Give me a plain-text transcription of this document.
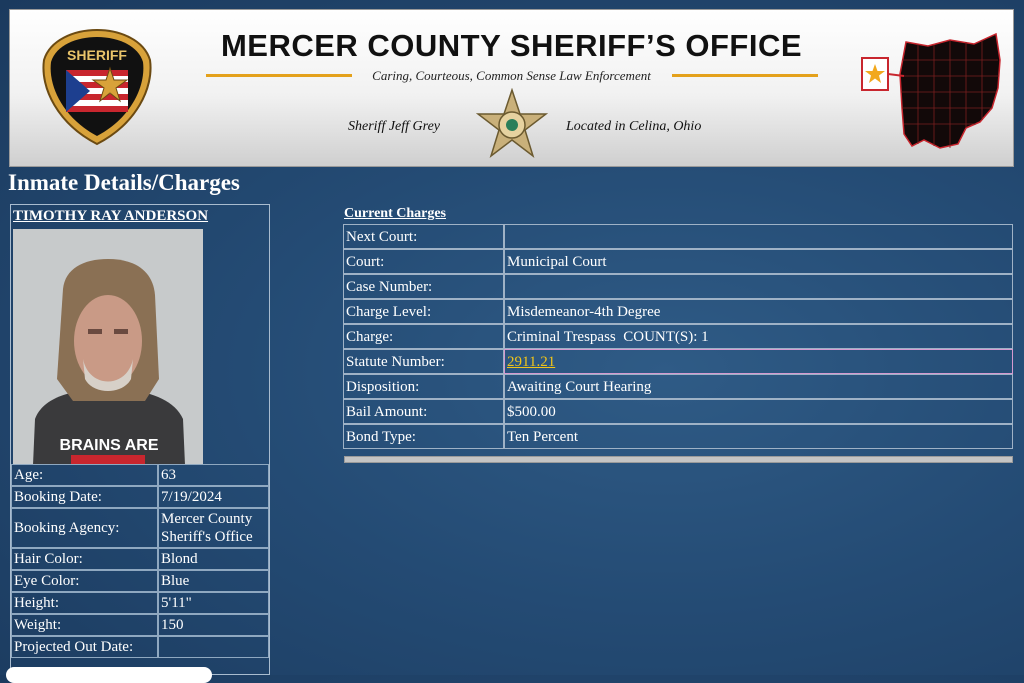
SHERIFF	MERCER COUNTY SHERIFF’S OFFICE
Caring, Courteous, Common Sense Law Enforcement
Sheriff Jeff Grey	Located in Celina, Ohio
Inmate Details/Charges
TIMOTHY RAY ANDERSON
BRAINS ARE
Age:	63
Booking Date:	7/19/2024
Booking Agency:
Mercer County Sheriff's Office
Hair Color:	Blond
Eye Color:	Blue
Height:	5'11"
Weight:	150
Projected Out Date:
Current Charges
Next Court:
Court:	Municipal Court
Case Number:
Charge Level:	Misdemeanor-4th Degree
Charge:	Criminal Trespass  COUNT(S): 1
Statute Number:	2911.21
Disposition:	Awaiting Court Hearing
Bail Amount:	$500.00
Bond Type:	Ten Percent
